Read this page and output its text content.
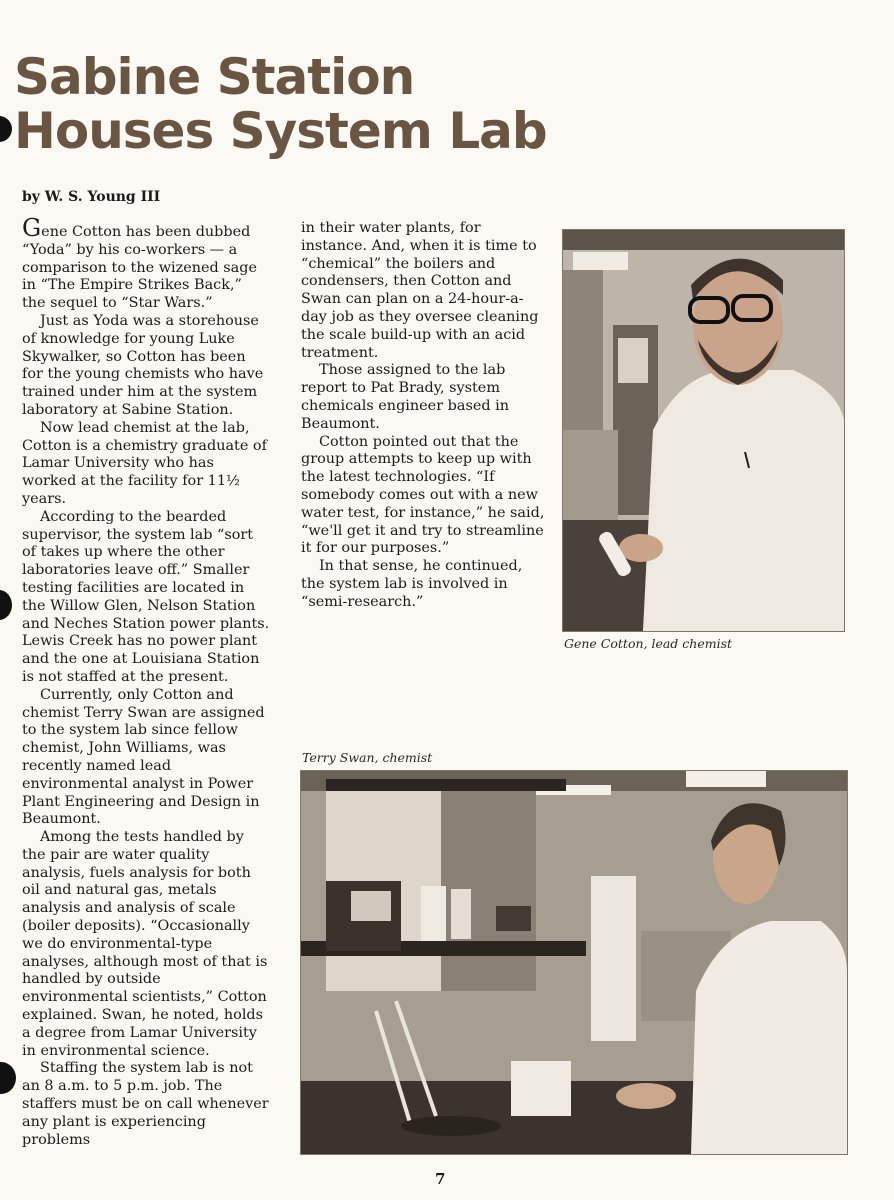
Sabine Station
Houses System Lab

by W. S. Young III

Gene Cotton has been dubbed “Yoda” by his co-workers — a comparison to the wizened sage in “The Empire Strikes Back,” the sequel to “Star Wars.”

Just as Yoda was a storehouse of knowledge for young Luke Skywalker, so Cotton has been for the young chemists who have trained under him at the system laboratory at Sabine Station.

Now lead chemist at the lab, Cotton is a chemistry graduate of Lamar University who has worked at the facility for 11½ years.

According to the bearded supervisor, the system lab “sort of takes up where the other laboratories leave off.” Smaller testing facilities are located in the Willow Glen, Nelson Station and Neches Station power plants. Lewis Creek has no power plant and the one at Louisiana Station is not staffed at the present.

Currently, only Cotton and chemist Terry Swan are assigned to the system lab since fellow chemist, John Williams, was recently named lead environmental analyst in Power Plant Engineering and Design in Beaumont.

Among the tests handled by the pair are water quality analysis, fuels analysis for both oil and natural gas, metals analysis and analysis of scale (boiler deposits). “Occasionally we do environmental-type analyses, although most of that is handled by outside environmental scientists,” Cotton explained. Swan, he noted, holds a degree from Lamar University in environmental science.

Staffing the system lab is not an 8 a.m. to 5 p.m. job. The staffers must be on call whenever any plant is experiencing problems

in their water plants, for instance. And, when it is time to “chemical” the boilers and condensers, then Cotton and Swan can plan on a 24-hour-a-day job as they oversee cleaning the scale build-up with an acid treatment.

Those assigned to the lab report to Pat Brady, system chemicals engineer based in Beaumont.

Cotton pointed out that the group attempts to keep up with the latest technologies. “If somebody comes out with a new water test, for instance,” he said, “we'll get it and try to streamline it for our purposes.”

In that sense, he continued, the system lab is involved in “semi-research.”

Gene Cotton, lead chemist

Terry Swan, chemist

7
